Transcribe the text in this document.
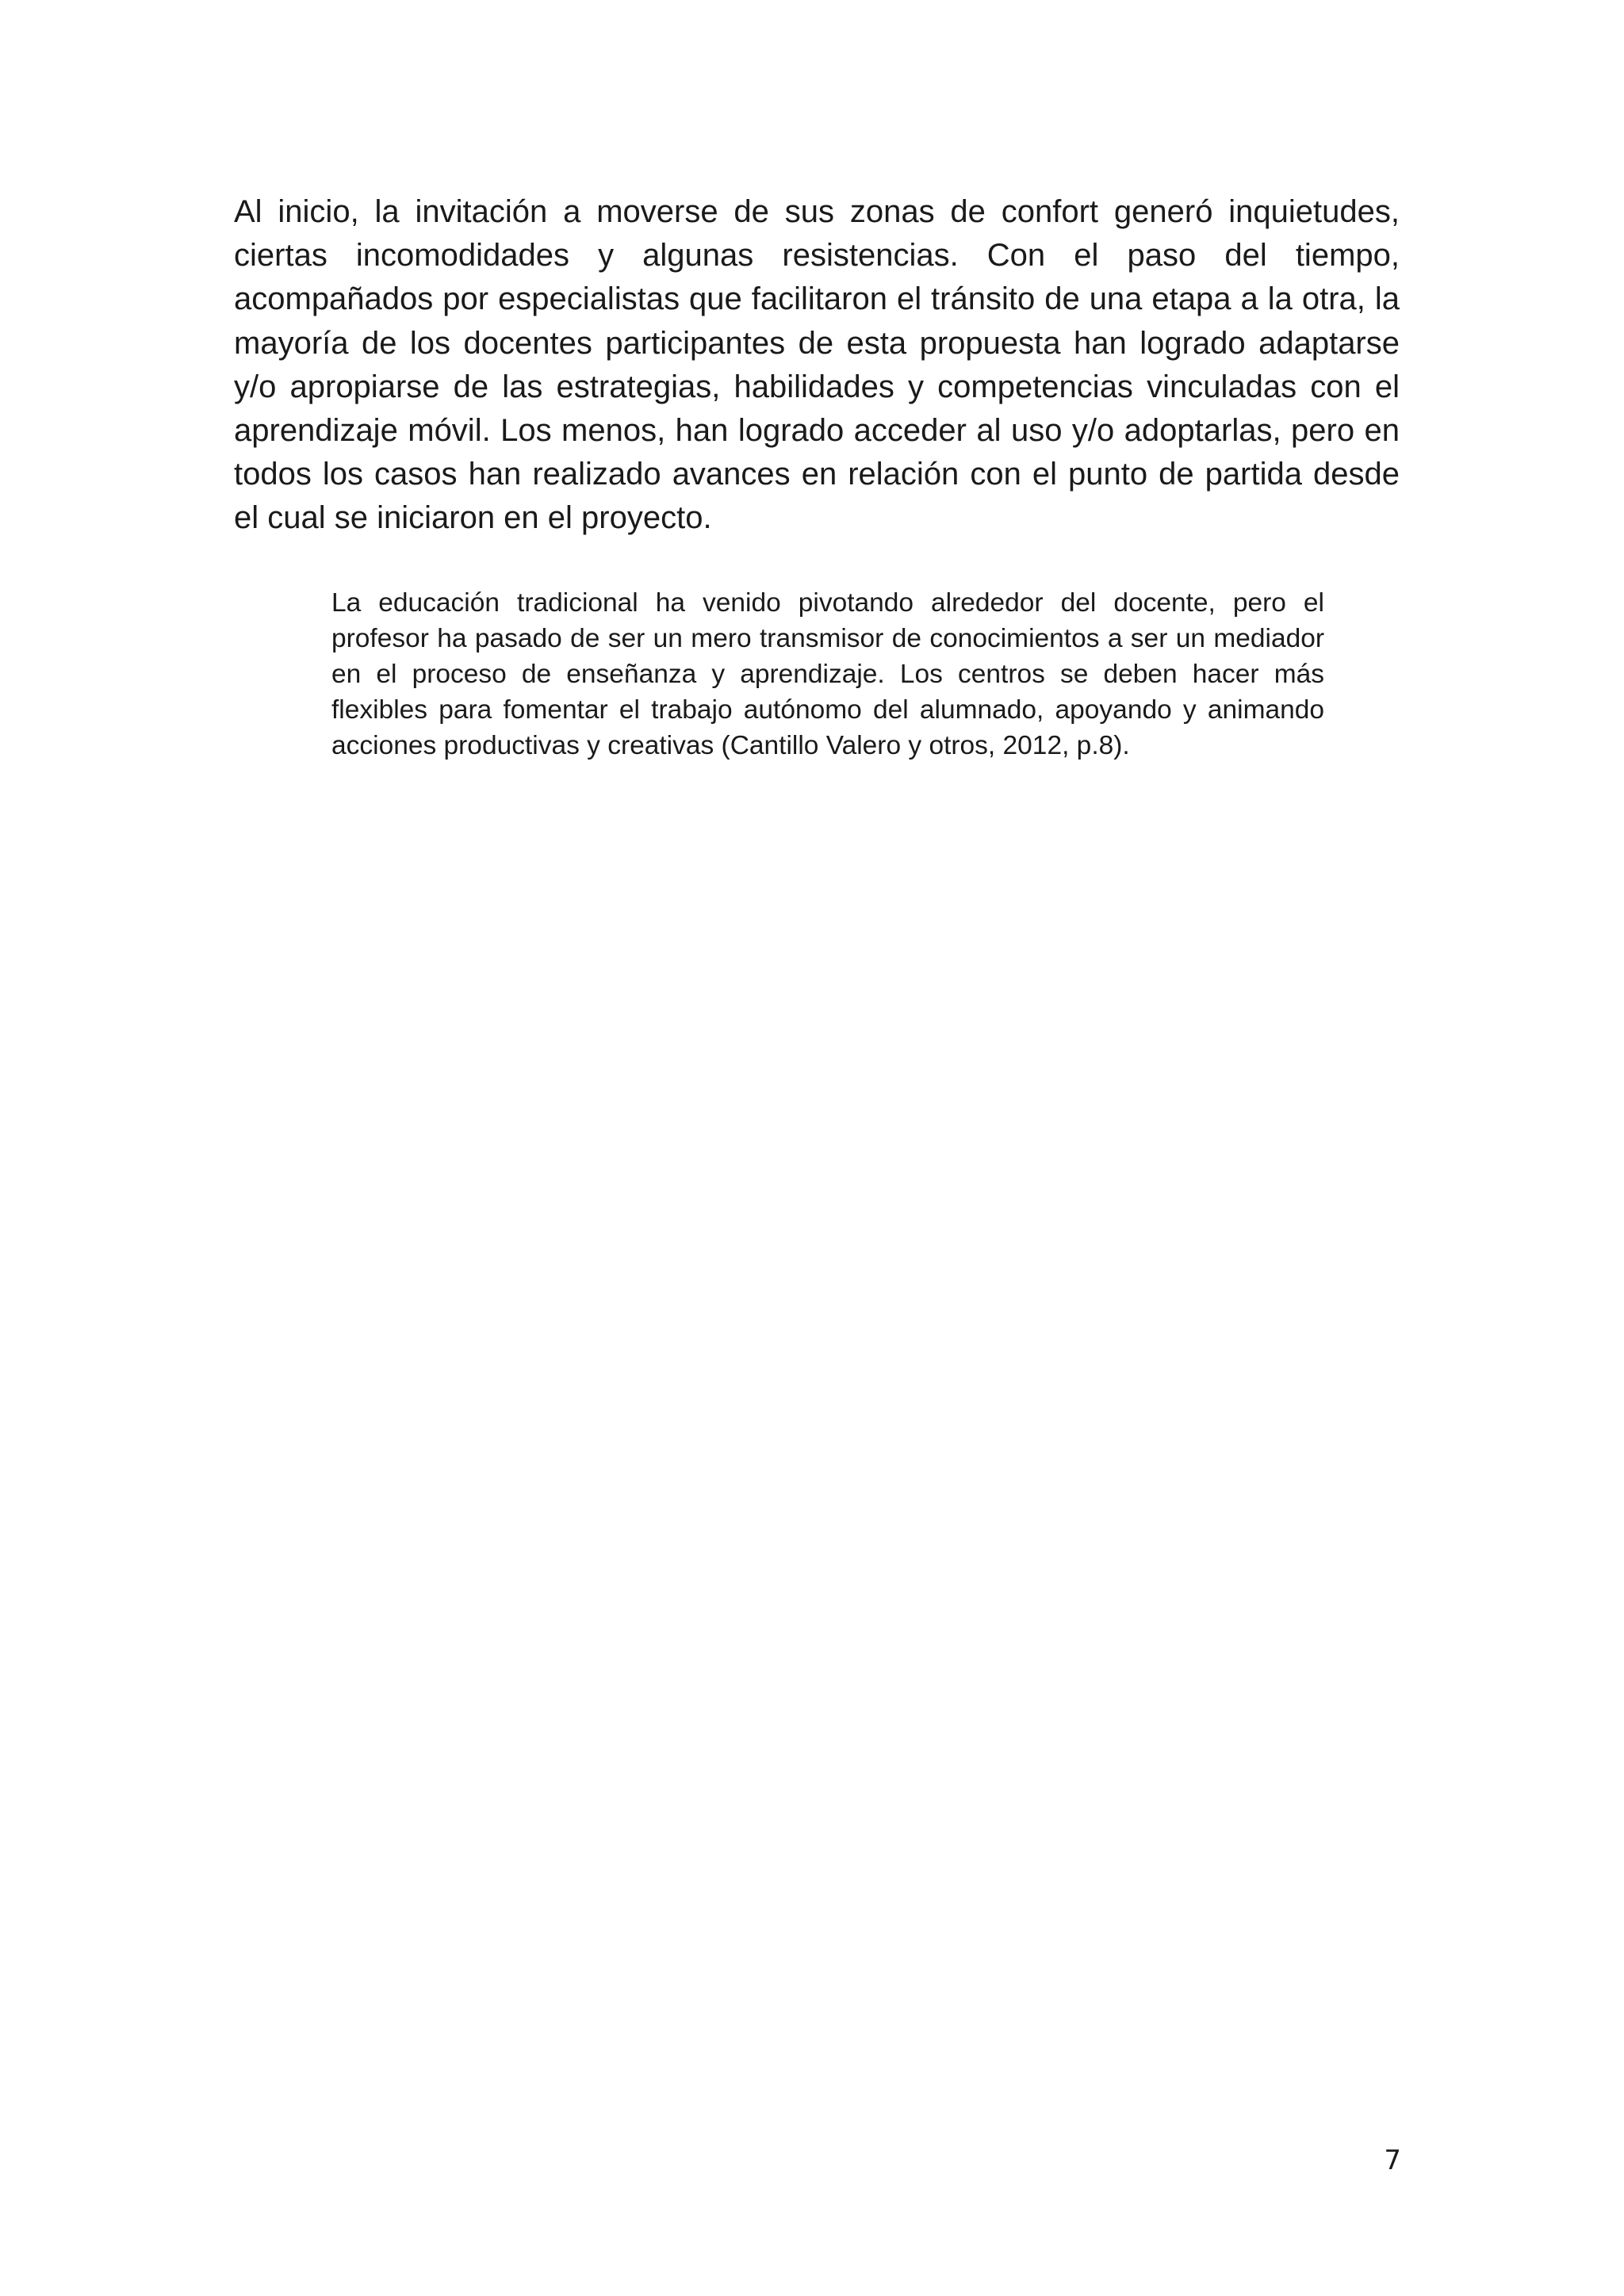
Al inicio, la invitación a moverse de sus zonas de confort generó inquietudes, ciertas incomodidades y algunas resistencias. Con el paso del tiempo, acompañados por especialistas que facilitaron el tránsito de una etapa a la otra, la mayoría de los docentes participantes de esta propuesta han logrado adaptarse y/o apropiarse de las estrategias, habilidades y competencias vinculadas con el aprendizaje móvil. Los menos, han logrado acceder al uso y/o adoptarlas, pero en todos los casos han realizado avances en relación con el punto de partida desde el cual se iniciaron en el proyecto.

La educación tradicional ha venido pivotando alrededor del docente, pero el profesor ha pasado de ser un mero transmisor de conocimientos a ser un mediador en el proceso de enseñanza y aprendizaje. Los centros se deben hacer más flexibles para fomentar el trabajo autónomo del alumnado, apoyando y animando acciones productivas y creativas (Cantillo Valero y otros, 2012, p.8).

7
